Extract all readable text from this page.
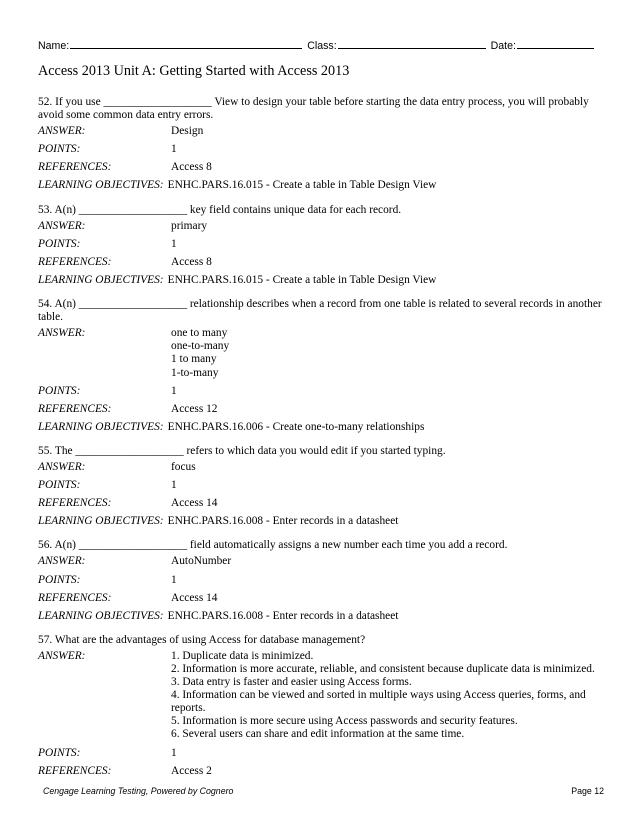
Name:	Class:	Date:
Access 2013 Unit A: Getting Started with Access 2013
52. If you use ___________________ View to design your table before starting the data entry process, you will probably avoid some common data entry errors.
ANSWER:	Design
POINTS:	1
REFERENCES:	Access 8
LEARNING OBJECTIVES: ENHC.PARS.16.015 - Create a table in Table Design View
53. A(n) ___________________ key field contains unique data for each record.
ANSWER:	primary
POINTS:	1
REFERENCES:	Access 8
LEARNING OBJECTIVES: ENHC.PARS.16.015 - Create a table in Table Design View
54. A(n) ___________________ relationship describes when a record from one table is related to several records in another table.
ANSWER:	one to many
one-to-many
1 to many
1-to-many
POINTS:	1
REFERENCES:	Access 12
LEARNING OBJECTIVES: ENHC.PARS.16.006 - Create one-to-many relationships
55. The ___________________ refers to which data you would edit if you started typing.
ANSWER:	focus
POINTS:	1
REFERENCES:	Access 14
LEARNING OBJECTIVES: ENHC.PARS.16.008 - Enter records in a datasheet
56. A(n) ___________________ field automatically assigns a new number each time you add a record.
ANSWER:	AutoNumber
POINTS:	1
REFERENCES:	Access 14
LEARNING OBJECTIVES: ENHC.PARS.16.008 - Enter records in a datasheet
57. What are the advantages of using Access for database management?
ANSWER:	1. Duplicate data is minimized.
2. Information is more accurate, reliable, and consistent because duplicate data is minimized.
3. Data entry is faster and easier using Access forms.
4. Information can be viewed and sorted in multiple ways using Access queries, forms, and reports.
5. Information is more secure using Access passwords and security features.
6. Several users can share and edit information at the same time.
POINTS:	1
REFERENCES:	Access 2
Cengage Learning Testing, Powered by Cognero	Page 12
